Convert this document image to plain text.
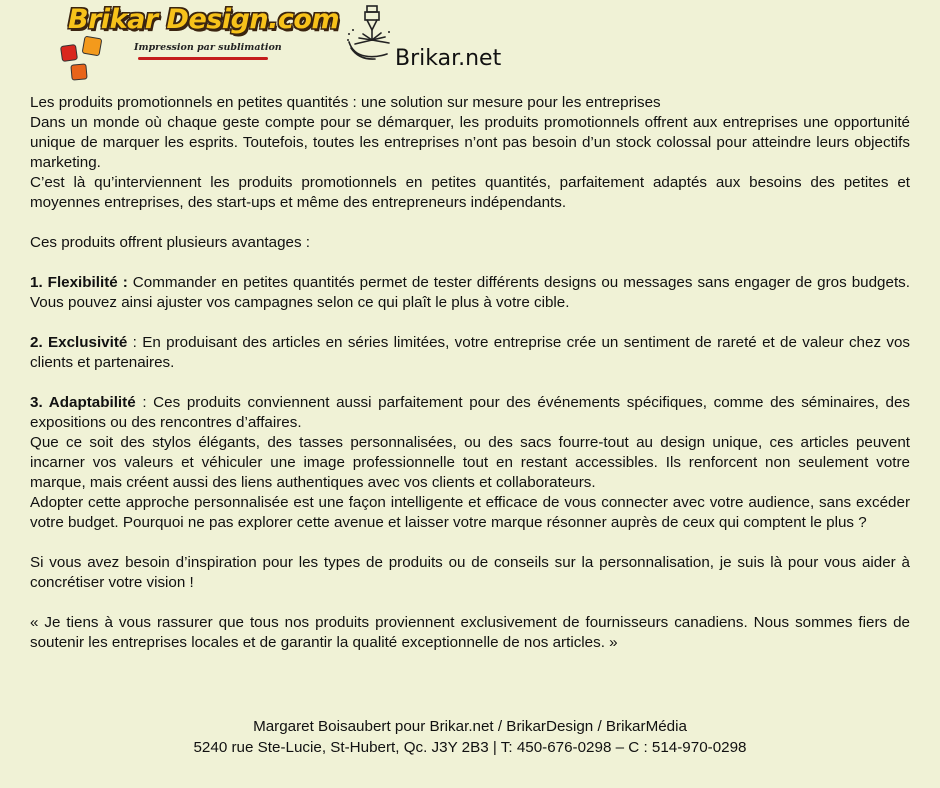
Brikar Design.com
Impression par sublimation	Brikar.net

Les produits promotionnels en petites quantités : une solution sur mesure pour les entreprises

Dans un monde où chaque geste compte pour se démarquer, les produits promotionnels offrent aux entreprises une opportunité unique de marquer les esprits. Toutefois, toutes les entreprises n’ont pas besoin d’un stock colossal pour atteindre leurs objectifs marketing.

C’est là qu’interviennent les produits promotionnels en petites quantités, parfaitement adaptés aux besoins des petites et moyennes entreprises, des start-ups et même des entrepreneurs indépendants.

Ces produits offrent plusieurs avantages :

1. Flexibilité : Commander en petites quantités permet de tester différents designs ou messages sans engager de gros budgets. Vous pouvez ainsi ajuster vos campagnes selon ce qui plaît le plus à votre cible.

2. Exclusivité : En produisant des articles en séries limitées, votre entreprise crée un sentiment de rareté et de valeur chez vos clients et partenaires.

3. Adaptabilité : Ces produits conviennent aussi parfaitement pour des événements spécifiques, comme des séminaires, des expositions ou des rencontres d’affaires.

Que ce soit des stylos élégants, des tasses personnalisées, ou des sacs fourre-tout au design unique, ces articles peuvent incarner vos valeurs et véhiculer une image professionnelle tout en restant accessibles. Ils renforcent non seulement votre marque, mais créent aussi des liens authentiques avec vos clients et collaborateurs.

Adopter cette approche personnalisée est une façon intelligente et efficace de vous connecter avec votre audience, sans excéder votre budget. Pourquoi ne pas explorer cette avenue et laisser votre marque résonner auprès de ceux qui comptent le plus ?

Si vous avez besoin d’inspiration pour les types de produits ou de conseils sur la personnalisation, je suis là pour vous aider à concrétiser votre vision !

« Je tiens à vous rassurer que tous nos produits proviennent exclusivement de fournisseurs canadiens. Nous sommes fiers de soutenir les entreprises locales et de garantir la qualité exceptionnelle de nos articles. »

Margaret Boisaubert pour Brikar.net / BrikarDesign / BrikarMédia
5240 rue Ste-Lucie, St-Hubert, Qc. J3Y 2B3 | T: 450-676-0298 – C : 514-970-0298
